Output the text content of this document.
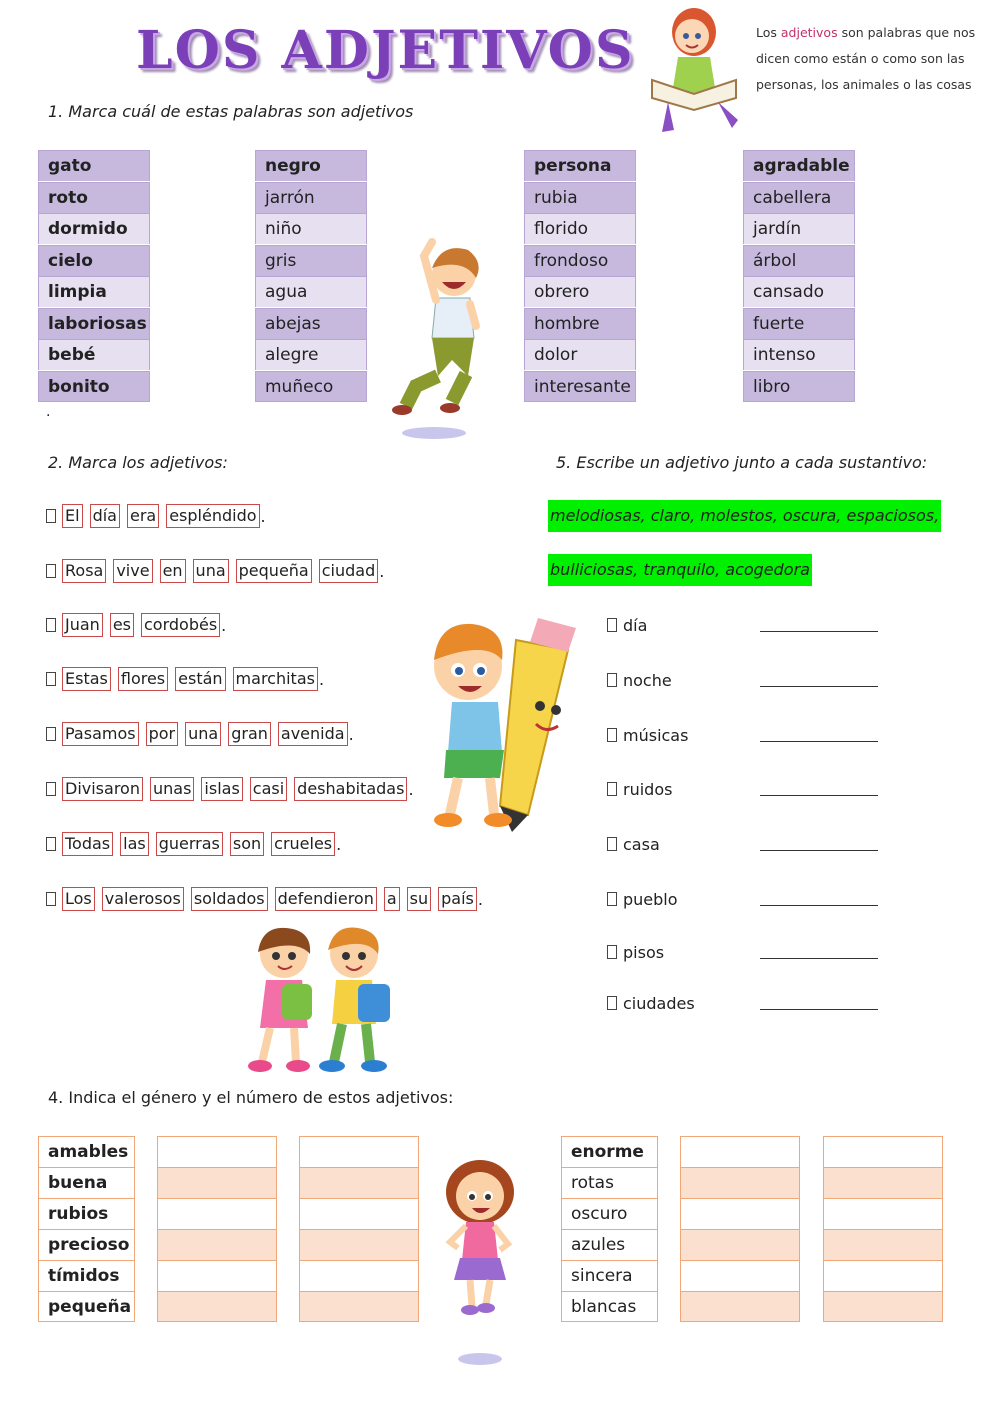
LOS ADJETIVOS	Los adjetivos son palabras que nos dicen como están o como son las personas, los animales o las cosas
1. Marca cuál de estas palabras son adjetivos
gato
roto
dormido
cielo
limpia
laboriosas
bebé
bonito
negro
jarrón
niño
gris
agua
abejas
alegre
muñeco
persona
rubia
florido
frondoso
obrero
hombre
dolor
interesante
agradable
cabellera
jardín
árbol
cansado
fuerte
intenso
libro
.
2. Marca los adjetivos:
El día era espléndido .
Rosa vive en una pequeña ciudad .
Juan es cordobés .
Estas flores están marchitas .
Pasamos por una gran avenida .
Divisaron unas islas casi deshabitadas .
Todas las guerras son crueles .
Los valerosos soldados defendieron a su país .
5. Escribe un adjetivo junto a cada sustantivo:
melodiosas, claro, molestos, oscura, espaciosos,
bulliciosas, tranquilo, acogedora
día
noche
músicas
ruidos
casa
pueblo
pisos
ciudades
4. Indica el género y el número de estos adjetivos:
amables
buena
rubios
precioso
tímidos
pequeña
enorme
rotas
oscuro
azules
sincera
blancas
